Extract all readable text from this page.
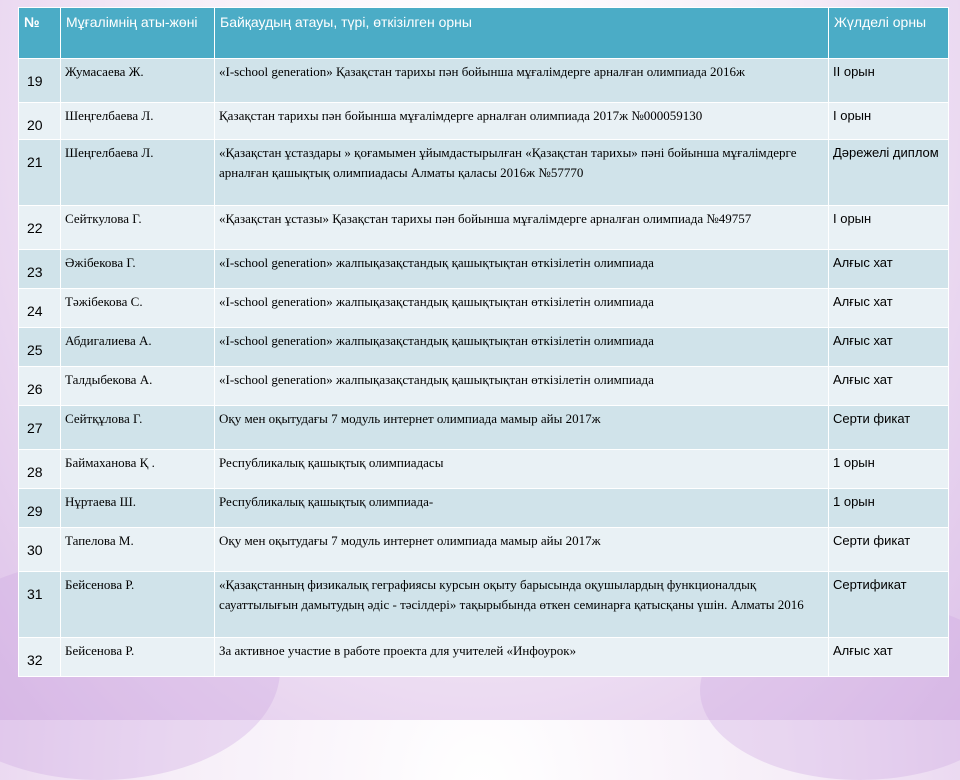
№	Мұғалімнің аты-жөні	Байқаудың атауы, түрі, өткізілген орны	Жүлделі орны
19	Жумасаева Ж.	«I-school generation» Қазақстан тарихы пән бойынша мұғалімдерге арналған олимпиада 2016ж	II орын
20	Шеңгелбаева Л.	Қазақстан тарихы пән бойынша мұғалімдерге арналған олимпиада 2017ж №000059130	I орын
21	Шеңгелбаева Л.	«Қазақстан ұстаздары » қоғамымен ұйымдастырылған «Қазақстан тарихы» пәні бойынша мұғалімдерге арналған қашықтық олимпиадасы Алматы қаласы 2016ж №57770	Дәрежелі диплом
22	Сейткулова Г.	«Қазақстан ұстазы» Қазақстан тарихы пән бойынша мұғалімдерге арналған олимпиада №49757	I орын
23	Әжібекова Г.	«I-school generation» жалпықазақстандық қашықтықтан өткізілетін олимпиада	Алғыс хат
24	Тәжібекова С.	«I-school generation» жалпықазақстандық қашықтықтан өткізілетін олимпиада	Алғыс хат
25	Абдигалиева А.	«I-school generation» жалпықазақстандық қашықтықтан өткізілетін олимпиада	Алғыс хат
26	Талдыбекова А.	«I-school generation» жалпықазақстандық қашықтықтан өткізілетін олимпиада	Алғыс хат
27	Сейтқұлова Г.	Оқу мен оқытудағы 7 модуль интернет олимпиада мамыр айы 2017ж	Серти фикат
28	Баймаханова Қ .	Республикалық қашықтық олимпиадасы	1 орын
29	Нұртаева Ш.	Республикалық қашықтық олимпиада-	1 орын
30	Тапелова М.	Оқу мен оқытудағы 7 модуль интернет олимпиада мамыр айы 2017ж	Серти фикат
31	Бейсенова Р.	«Қазақстанның физикалық геграфиясы курсын оқыту барысында оқушылардың функционалдық сауаттылығын дамытудың әдіс - тәсілдері» тақырыбында өткен семинарға қатысқаны үшін. Алматы 2016	Сертификат
32	Бейсенова Р.	За активное участие в работе проекта для учителей «Инфоурок»	Алғыс хат
